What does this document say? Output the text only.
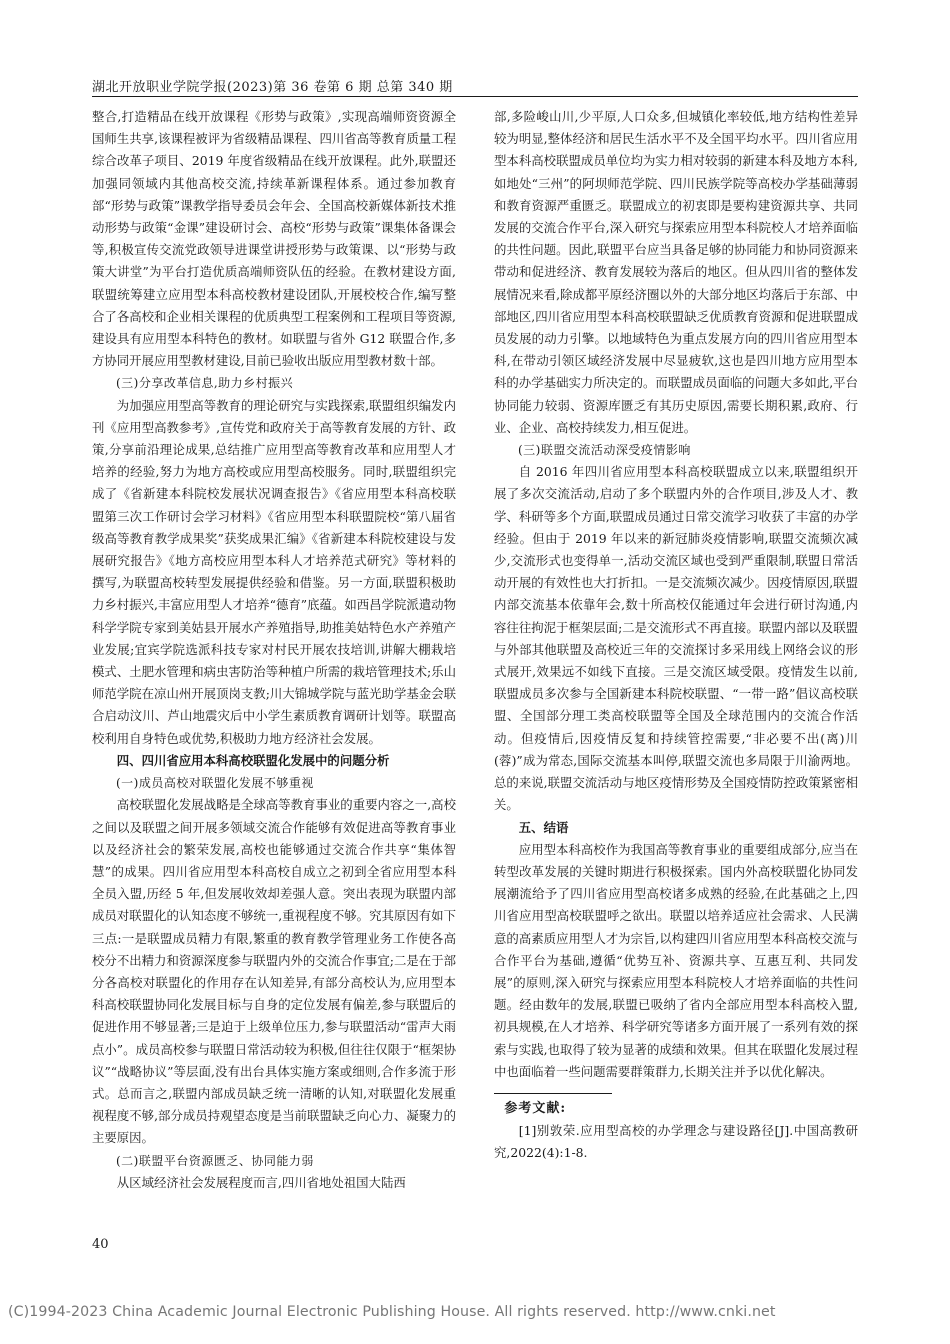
湖北开放职业学院学报(2023)第 36 卷第 6 期 总第 340 期

整合,打造精品在线开放课程《形势与政策》,实现高端师资资源全国师生共享,该课程被评为省级精品课程、四川省高等教育质量工程综合改革子项目、2019 年度省级精品在线开放课程。此外,联盟还加强同领域内其他高校交流,持续革新课程体系。通过参加教育部“形势与政策”课教学指导委员会年会、全国高校新媒体新技术推动形势与政策“金课”建设研讨会、高校“形势与政策”课集体备课会等,积极宣传交流党政领导进课堂讲授形势与政策课、以“形势与政策大讲堂”为平台打造优质高端师资队伍的经验。在教材建设方面,联盟统筹建立应用型本科高校教材建设团队,开展校校合作,编写整合了各高校和企业相关课程的优质典型工程案例和工程项目等资源,建设具有应用型本科特色的教材。如联盟与省外 G12 联盟合作,多方协同开展应用型教材建设,目前已验收出版应用型教材数十部。

(三)分享改革信息,助力乡村振兴

为加强应用型高等教育的理论研究与实践探索,联盟组织编发内刊《应用型高教参考》,宣传党和政府关于高等教育发展的方针、政策,分享前沿理论成果,总结推广应用型高等教育改革和应用型人才培养的经验,努力为地方高校或应用型高校服务。同时,联盟组织完成了《省新建本科院校发展状况调查报告》《省应用型本科高校联盟第三次工作研讨会学习材料》《省应用型本科联盟院校“第八届省级高等教育教学成果奖”获奖成果汇编》《省新建本科院校建设与发展研究报告》《地方高校应用型本科人才培养范式研究》等材料的撰写,为联盟高校转型发展提供经验和借鉴。另一方面,联盟积极助力乡村振兴,丰富应用型人才培养“德育”底蕴。如西昌学院派遣动物科学学院专家到美姑县开展水产养殖指导,助推美姑特色水产养殖产业发展;宜宾学院选派科技专家对村民开展农技培训,讲解大棚栽培模式、土肥水管理和病虫害防治等种植户所需的栽培管理技术;乐山师范学院在凉山州开展顶岗支教;川大锦城学院与蓝光助学基金会联合启动汶川、芦山地震灾后中小学生素质教育调研计划等。联盟高校利用自身特色或优势,积极助力地方经济社会发展。

四、四川省应用本科高校联盟化发展中的问题分析

(一)成员高校对联盟化发展不够重视

高校联盟化发展战略是全球高等教育事业的重要内容之一,高校之间以及联盟之间开展多领域交流合作能够有效促进高等教育事业以及经济社会的繁荣发展,高校也能够通过交流合作共享“集体智慧”的成果。四川省应用型本科高校自成立之初到全省应用型本科全员入盟,历经 5 年,但发展收效却差强人意。突出表现为联盟内部成员对联盟化的认知态度不够统一,重视程度不够。究其原因有如下三点:一是联盟成员精力有限,繁重的教育教学管理业务工作使各高校分不出精力和资源深度参与联盟内外的交流合作事宜;二是在于部分各高校对联盟化的作用存在认知差异,有部分高校认为,应用型本科高校联盟协同化发展目标与自身的定位发展有偏差,参与联盟后的促进作用不够显著;三是迫于上级单位压力,参与联盟活动“雷声大雨点小”。成员高校参与联盟日常活动较为积极,但往往仅限于“框架协议”“战略协议”等层面,没有出台具体实施方案或细则,合作多流于形式。总而言之,联盟内部成员缺乏统一清晰的认知,对联盟化发展重视程度不够,部分成员持观望态度是当前联盟缺乏向心力、凝聚力的主要原因。

(二)联盟平台资源匮乏、协同能力弱

从区域经济社会发展程度而言,四川省地处祖国大陆西

部,多险峻山川,少平原,人口众多,但城镇化率较低,地方结构性差异较为明显,整体经济和居民生活水平不及全国平均水平。四川省应用型本科高校联盟成员单位均为实力相对较弱的新建本科及地方本科,如地处“三州”的阿坝师范学院、四川民族学院等高校办学基础薄弱和教育资源严重匮乏。联盟成立的初衷即是要构建资源共享、共同发展的交流合作平台,深入研究与探索应用型本科院校人才培养面临的共性问题。因此,联盟平台应当具备足够的协同能力和协同资源来带动和促进经济、教育发展较为落后的地区。但从四川省的整体发展情况来看,除成都平原经济圈以外的大部分地区均落后于东部、中部地区,四川省应用型本科高校联盟缺乏优质教育资源和促进联盟成员发展的动力引擎。以地域特色为重点发展方向的四川省应用型本科,在带动引领区域经济发展中尽显疲软,这也是四川地方应用型本科的办学基础实力所决定的。而联盟成员面临的问题大多如此,平台协同能力较弱、资源库匮乏有其历史原因,需要长期积累,政府、行业、企业、高校持续发力,相互促进。

(三)联盟交流活动深受疫情影响

自 2016 年四川省应用型本科高校联盟成立以来,联盟组织开展了多次交流活动,启动了多个联盟内外的合作项目,涉及人才、教学、科研等多个方面,联盟成员通过日常交流学习收获了丰富的办学经验。但由于 2019 年以来的新冠肺炎疫情影响,联盟交流频次减少,交流形式也变得单一,活动交流区域也受到严重限制,联盟日常活动开展的有效性也大打折扣。一是交流频次减少。因疫情原因,联盟内部交流基本依靠年会,数十所高校仅能通过年会进行研讨沟通,内容往往拘泥于框架层面;二是交流形式不再直接。联盟内部以及联盟与外部其他联盟及高校近三年的交流探讨多采用线上网络会议的形式展开,效果远不如线下直接。三是交流区域受限。疫情发生以前,联盟成员多次参与全国新建本科院校联盟、“一带一路”倡议高校联盟、全国部分理工类高校联盟等全国及全球范围内的交流合作活动。但疫情后,因疫情反复和持续管控需要,“非必要不出(离)川(蓉)”成为常态,国际交流基本叫停,联盟交流也多局限于川渝两地。总的来说,联盟交流活动与地区疫情形势及全国疫情防控政策紧密相关。

五、结语

应用型本科高校作为我国高等教育事业的重要组成部分,应当在转型改革发展的关键时期进行积极探索。国内外高校联盟化协同发展潮流给予了四川省应用型高校诸多成熟的经验,在此基础之上,四川省应用型高校联盟呼之欲出。联盟以培养适应社会需求、人民满意的高素质应用型人才为宗旨,以构建四川省应用型本科高校交流与合作平台为基础,遵循“优势互补、资源共享、互惠互利、共同发展”的原则,深入研究与探索应用型本科院校人才培养面临的共性问题。经由数年的发展,联盟已吸纳了省内全部应用型本科高校入盟,初具规模,在人才培养、科学研究等诸多方面开展了一系列有效的探索与实践,也取得了较为显著的成绩和效果。但其在联盟化发展过程中也面临着一些问题需要群策群力,长期关注并予以优化解决。

参考文献:

[1]别敦荣.应用型高校的办学理念与建设路径[J].中国高教研究,2022(4):1-8.

40
(C)1994-2023 China Academic Journal Electronic Publishing House. All rights reserved. http://www.cnki.net
